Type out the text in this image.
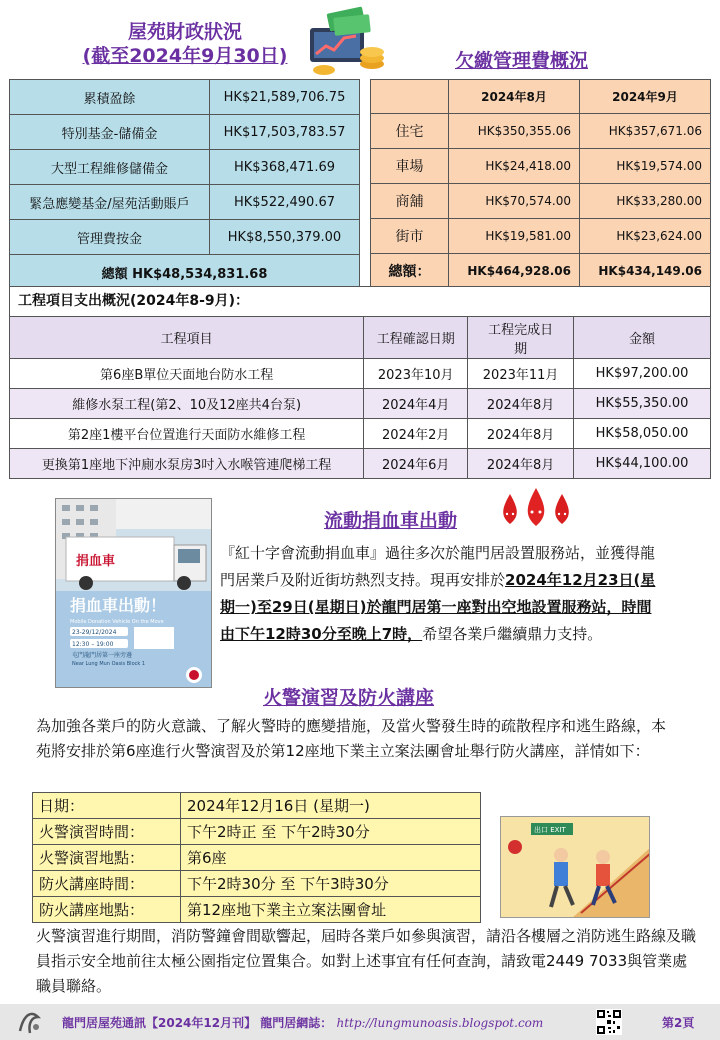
屋苑財政狀況
(截至2024年9月30日)	欠繳管理費概況
累積盈餘	HK$21,589,706.75
特別基金-儲備金	HK$17,503,783.57
大型工程維修儲備金	HK$368,471.69
緊急應變基金/屋苑活動賬戶	HK$522,490.67
管理費按金	HK$8,550,379.00
總額 HK$48,534,831.68	
	2024年8月	2024年9月
住宅	HK$350,355.06	HK$357,671.06
車場	HK$24,418.00	HK$19,574.00
商舖	HK$70,574.00	HK$33,280.00
街市	HK$19,581.00	HK$23,624.00
總額：	HK$464,928.06	HK$434,149.06
工程項目支出概況(2024年8-9月)：
工程項目	工程確認日期	工程完成日期	金額
第6座B單位天面地台防水工程	2023年10月	2023年11月	HK$97,200.00
維修水泵工程(第2、10及12座共4台泵)	2024年4月	2024年8月	HK$55,350.00
第2座1樓平台位置進行天面防水維修工程	2024年2月	2024年8月	HK$58,050.00
更換第1座地下沖廁水泵房3吋入水喉管連爬梯工程	2024年6月	2024年8月	HK$44,100.00
捐血車
捐血車出動！
Mobile Donation Vehicle On the Move
23-29/12/2024
12:30 – 19:00
屯門龍門居第一座旁邊
Near Lung Mun Oasis Block 1
流動捐血車出動
『紅十字會流動捐血車』過往多次於龍門居設置服務站，並獲得龍門居業戶及附近街坊熱烈支持。現再安排於2024年12月23日(星期一)至29日(星期日)於龍門居第一座對出空地設置服務站，時間由下午12時30分至晚上7時，希望各業戶繼續鼎力支持。
火警演習及防火講座
為加強各業戶的防火意識、了解火警時的應變措施，及當火警發生時的疏散程序和逃生路線，本苑將安排於第6座進行火警演習及於第12座地下業主立案法團會址舉行防火講座，詳情如下：
日期：	2024年12月16日 (星期一)
火警演習時間：	下午2時正 至 下午2時30分
火警演習地點：	第6座
防火講座時間：	下午2時30分 至 下午3時30分
防火講座地點：	第12座地下業主立案法團會址
出口 EXIT
火警演習進行期間，消防警鐘會間歇響起，屆時各業戶如參與演習，請沿各樓層之消防逃生路線及職員指示安全地前往太極公園指定位置集合。如對上述事宜有任何查詢，請致電2449 7033與管業處職員聯絡。
龍門居屋苑通訊【2024年12月刊】 龍門居網誌： http://lungmunoasis.blogspot.com	第2頁
